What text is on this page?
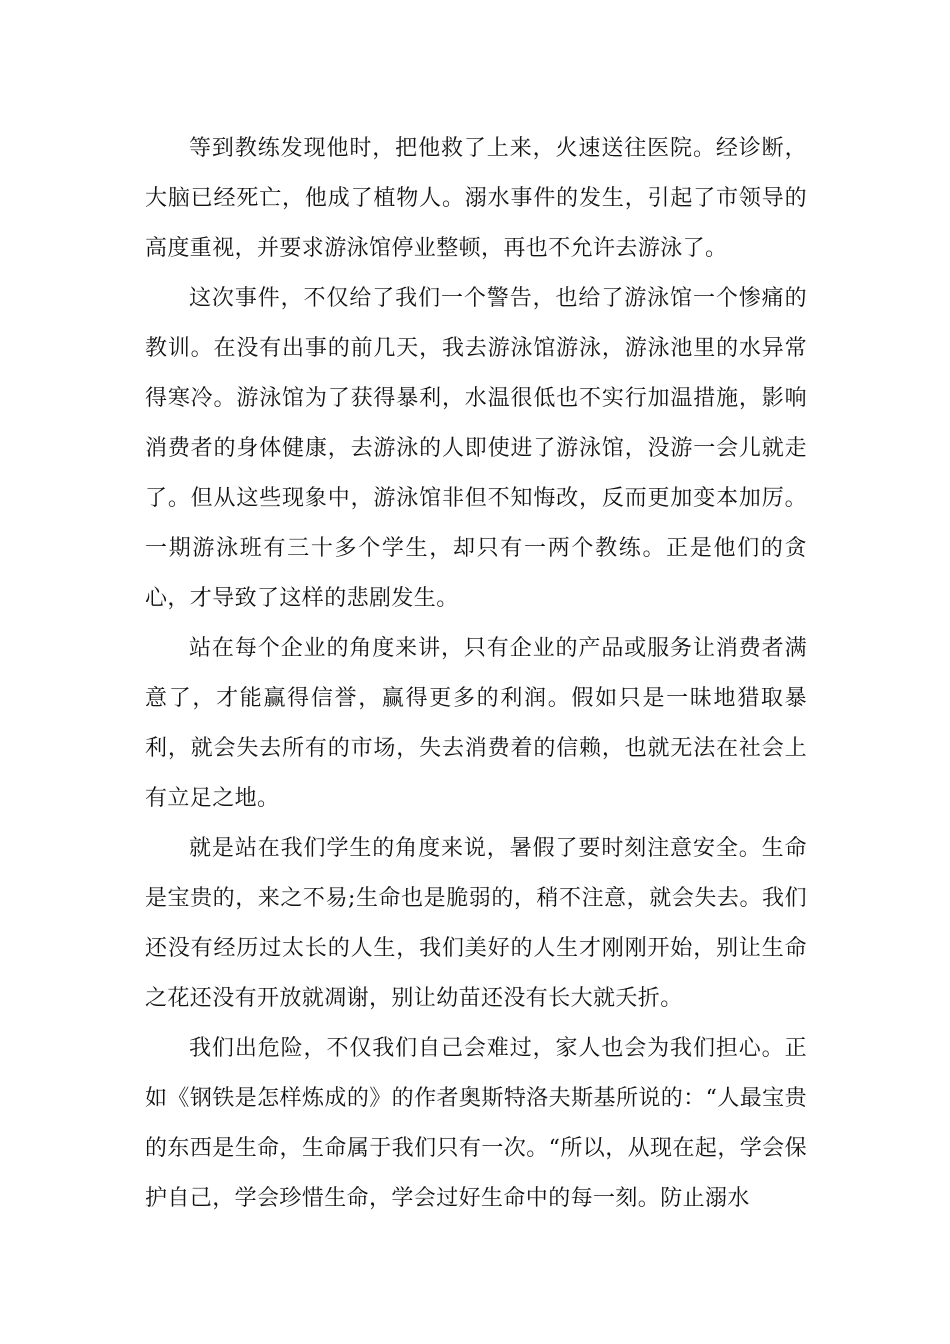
等到教练发现他时，把他救了上来，火速送往医院。经诊断，大脑已经死亡，他成了植物人。溺水事件的发生，引起了市领导的高度重视，并要求游泳馆停业整顿，再也不允许去游泳了。

这次事件，不仅给了我们一个警告，也给了游泳馆一个惨痛的教训。在没有出事的前几天，我去游泳馆游泳，游泳池里的水异常得寒冷。游泳馆为了获得暴利，水温很低也不实行加温措施，影响消费者的身体健康，去游泳的人即使进了游泳馆，没游一会儿就走了。但从这些现象中，游泳馆非但不知悔改，反而更加变本加厉。一期游泳班有三十多个学生，却只有一两个教练。正是他们的贪心，才导致了这样的悲剧发生。

站在每个企业的角度来讲，只有企业的产品或服务让消费者满意了，才能赢得信誉，赢得更多的利润。假如只是一昧地猎取暴利，就会失去所有的市场，失去消费着的信赖，也就无法在社会上有立足之地。

就是站在我们学生的角度来说，暑假了要时刻注意安全。生命是宝贵的，来之不易;生命也是脆弱的，稍不注意，就会失去。我们还没有经历过太长的人生，我们美好的人生才刚刚开始，别让生命之花还没有开放就凋谢，别让幼苗还没有长大就夭折。

我们出危险，不仅我们自己会难过，家人也会为我们担心。正如《钢铁是怎样炼成的》的作者奥斯特洛夫斯基所说的：“人最宝贵的东西是生命，生命属于我们只有一次。“所以，从现在起，学会保护自己，学会珍惜生命，学会过好生命中的每一刻。防止溺水
